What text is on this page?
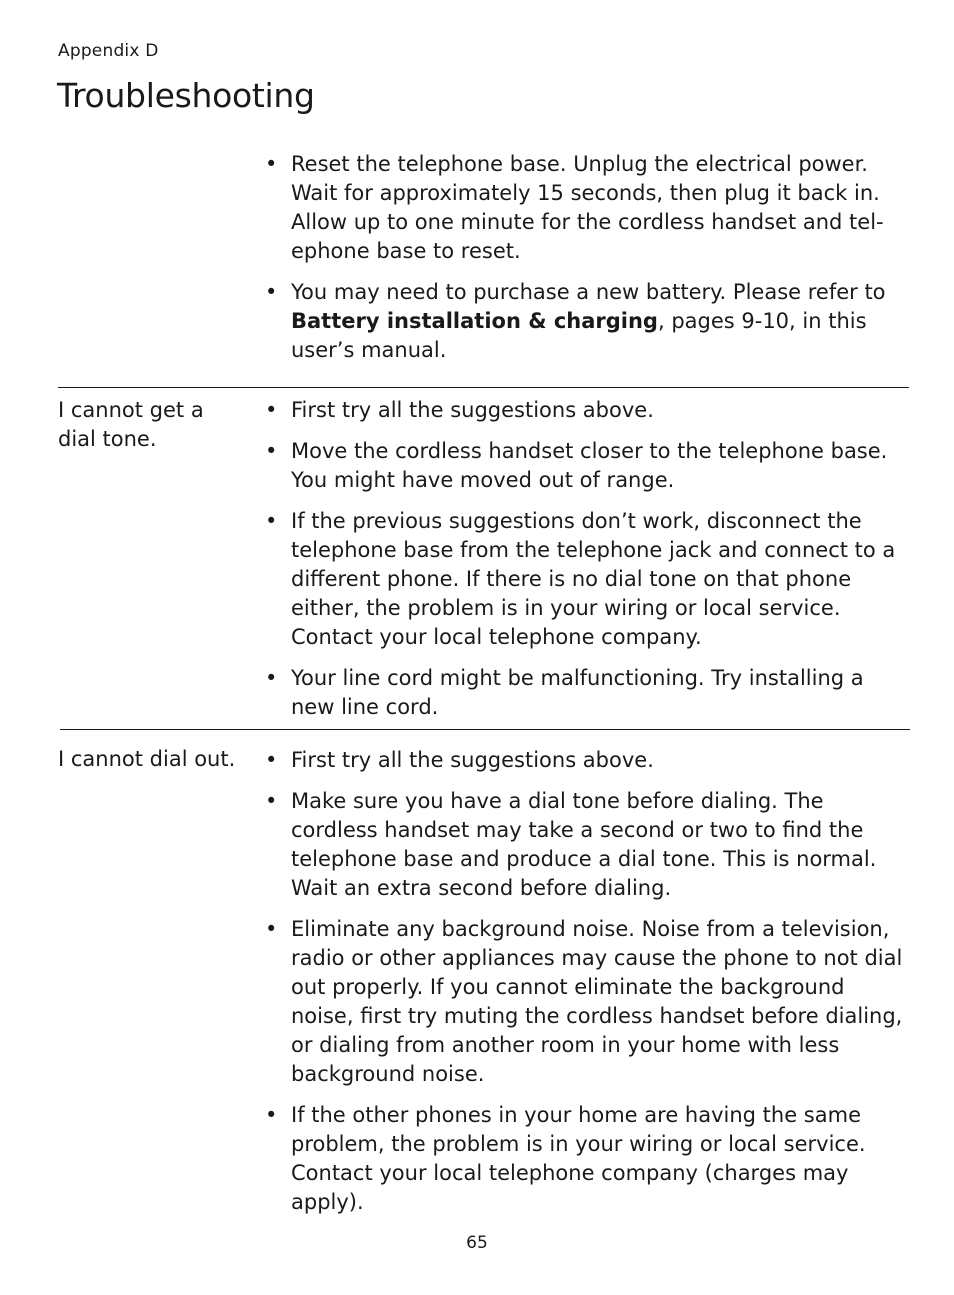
Appendix D
Troubleshooting
• Reset the telephone base. Unplug the electrical power. Wait for approximately 15 seconds, then plug it back in. Allow up to one minute for the cordless handset and tel-ephone base to reset.
• You may need to purchase a new battery. Please refer to Battery installation & charging, pages 9-10, in this user’s manual.
I cannot get a dial tone.
• First try all the suggestions above.
• Move the cordless handset closer to the telephone base. You might have moved out of range.
• If the previous suggestions don’t work, disconnect the telephone base from the telephone jack and connect to a different phone. If there is no dial tone on that phone either, the problem is in your wiring or local service. Contact your local telephone company.
• Your line cord might be malfunctioning. Try installing a new line cord.
I cannot dial out.	• First try all the suggestions above.
• Make sure you have a dial tone before dialing. The cordless handset may take a second or two to find the telephone base and produce a dial tone. This is normal. Wait an extra second before dialing.
• Eliminate any background noise. Noise from a television, radio or other appliances may cause the phone to not dial out properly. If you cannot eliminate the background noise, first try muting the cordless handset before dialing, or dialing from another room in your home with less background noise.
• If the other phones in your home are having the same problem, the problem is in your wiring or local service. Contact your local telephone company (charges may apply).
65
